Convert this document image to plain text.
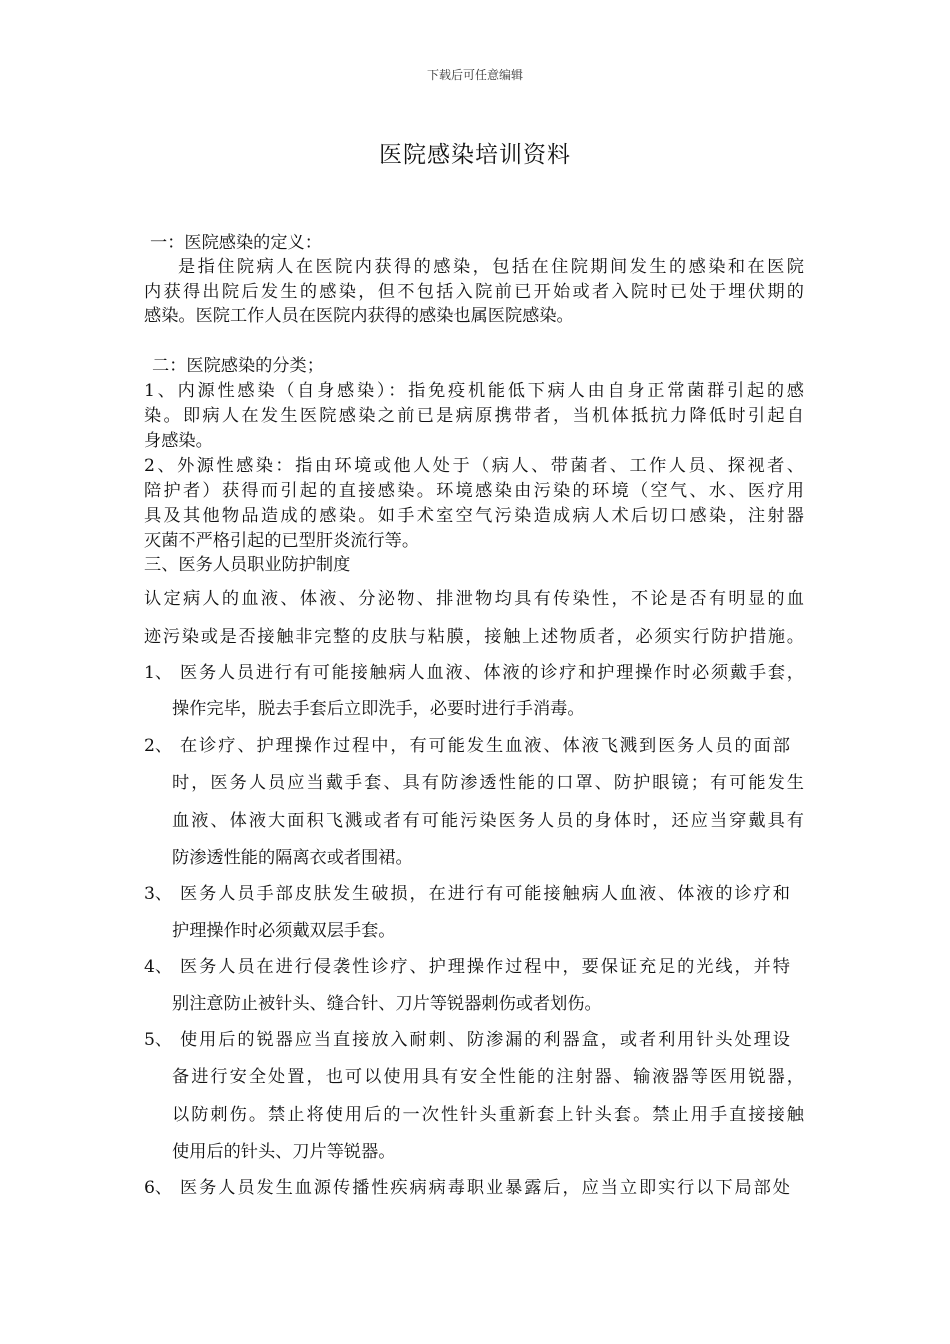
下载后可任意编辑
医院感染培训资料
一：医院感染的定义：
是指住院病人在医院内获得的感染，包括在住院期间发生的感染和在医院
内获得出院后发生的感染，但不包括入院前已开始或者入院时已处于埋伏期的
感染。医院工作人员在医院内获得的感染也属医院感染。
二：医院感染的分类；
1、内源性感染（自身感染）：指免疫机能低下病人由自身正常菌群引起的感
染。即病人在发生医院感染之前已是病原携带者，当机体抵抗力降低时引起自
身感染。
2、外源性感染：指由环境或他人处于（病人、带菌者、工作人员、探视者、
陪护者）获得而引起的直接感染。环境感染由污染的环境（空气、水、医疗用
具及其他物品造成的感染。如手术室空气污染造成病人术后切口感染，注射器
灭菌不严格引起的已型肝炎流行等。
三、医务人员职业防护制度
认定病人的血液、体液、分泌物、排泄物均具有传染性，不论是否有明显的血
迹污染或是否接触非完整的皮肤与粘膜，接触上述物质者，必须实行防护措施。
1、 医务人员进行有可能接触病人血液、体液的诊疗和护理操作时必须戴手套，
操作完毕，脱去手套后立即洗手，必要时进行手消毒。
2、 在诊疗、护理操作过程中，有可能发生血液、体液飞溅到医务人员的面部
时，医务人员应当戴手套、具有防渗透性能的口罩、防护眼镜；有可能发生
血液、体液大面积飞溅或者有可能污染医务人员的身体时，还应当穿戴具有
防渗透性能的隔离衣或者围裙。
3、 医务人员手部皮肤发生破损，在进行有可能接触病人血液、体液的诊疗和
护理操作时必须戴双层手套。
4、 医务人员在进行侵袭性诊疗、护理操作过程中，要保证充足的光线，并特
别注意防止被针头、缝合针、刀片等锐器刺伤或者划伤。
5、 使用后的锐器应当直接放入耐刺、防渗漏的利器盒，或者利用针头处理设
备进行安全处置，也可以使用具有安全性能的注射器、输液器等医用锐器，
以防刺伤。禁止将使用后的一次性针头重新套上针头套。禁止用手直接接触
使用后的针头、刀片等锐器。
6、 医务人员发生血源传播性疾病病毒职业暴露后，应当立即实行以下局部处
